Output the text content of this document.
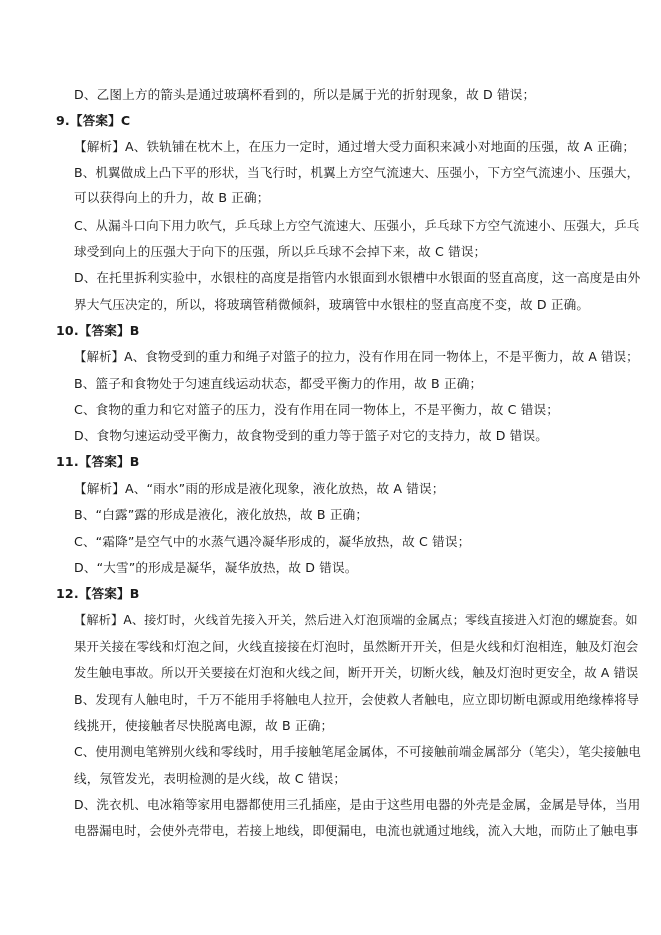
D、乙图上方的箭头是通过玻璃杯看到的，所以是属于光的折射现象，故 D 错误；
9.【答案】C
【解析】A、铁轨铺在枕木上，在压力一定时，通过增大受力面积来减小对地面的压强，故 A 正确；
B、机翼做成上凸下平的形状，当飞行时，机翼上方空气流速大、压强小，下方空气流速小、压强大，
可以获得向上的升力，故 B 正确；
C、从漏斗口向下用力吹气，乒乓球上方空气流速大、压强小，乒乓球下方空气流速小、压强大，乒乓
球受到向上的压强大于向下的压强，所以乒乓球不会掉下来，故 C 错误；
D、在托里拆利实验中，水银柱的高度是指管内水银面到水银槽中水银面的竖直高度，这一高度是由外
界大气压决定的，所以，将玻璃管稍微倾斜，玻璃管中水银柱的竖直高度不变，故 D 正确。
10.【答案】B
【解析】A、食物受到的重力和绳子对篮子的拉力，没有作用在同一物体上，不是平衡力，故 A 错误；
B、篮子和食物处于匀速直线运动状态，都受平衡力的作用，故 B 正确；
C、食物的重力和它对篮子的压力，没有作用在同一物体上，不是平衡力，故 C 错误；
D、食物匀速运动受平衡力，故食物受到的重力等于篮子对它的支持力，故 D 错误。
11.【答案】B
【解析】A、“雨水”雨的形成是液化现象，液化放热，故 A 错误；
B、“白露”露的形成是液化，液化放热，故 B 正确；
C、“霜降”是空气中的水蒸气遇冷凝华形成的，凝华放热，故 C 错误；
D、“大雪”的形成是凝华，凝华放热，故 D 错误。
12.【答案】B
【解析】A、接灯时，火线首先接入开关，然后进入灯泡顶端的金属点；零线直接进入灯泡的螺旋套。如
果开关接在零线和灯泡之间，火线直接接在灯泡时，虽然断开开关，但是火线和灯泡相连，触及灯泡会
发生触电事故。所以开关要接在灯泡和火线之间，断开开关，切断火线，触及灯泡时更安全，故 A 错误
B、发现有人触电时，千万不能用手将触电人拉开，会使救人者触电，应立即切断电源或用绝缘棒将导
线挑开，使接触者尽快脱离电源，故 B 正确；
C、使用测电笔辨别火线和零线时，用手接触笔尾金属体，不可接触前端金属部分（笔尖），笔尖接触电
线，氖管发光，表明检测的是火线，故 C 错误；
D、洗衣机、电冰箱等家用电器都使用三孔插座，是由于这些用电器的外壳是金属，金属是导体，当用
电器漏电时，会使外壳带电，若接上地线，即便漏电，电流也就通过地线，流入大地，而防止了触电事
